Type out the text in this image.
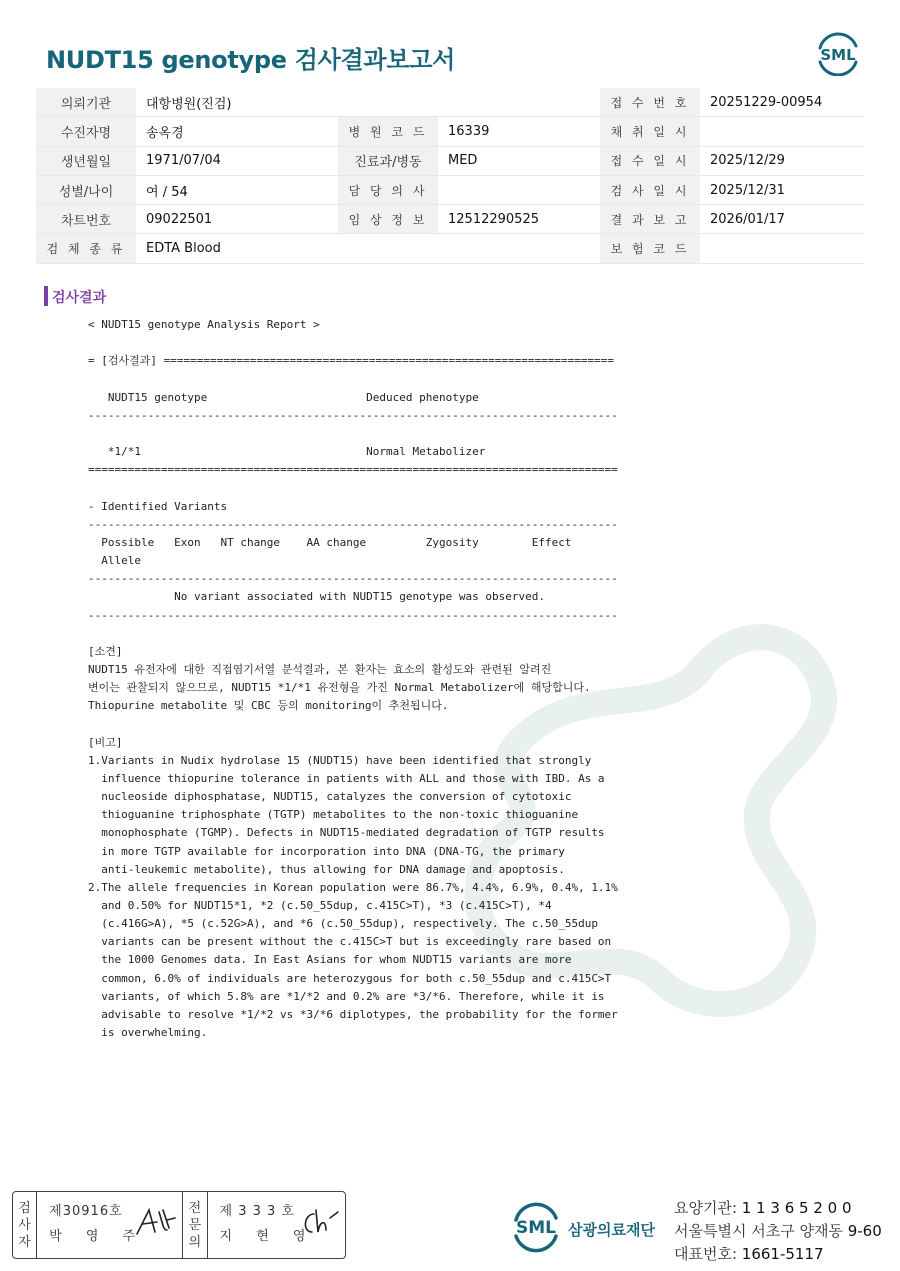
NUDT15 genotype 검사결과보고서	SML
의뢰기관	대항병원(진검)			접 수 번 호	20251229-00954
수진자명	송옥경	병 원 코 드	16339	채 취 일 시	
생년월일	1971/07/04	진료과/병동	MED	접 수 일 시	2025/12/29
성별/나이	여 / 54	담 당 의 사		검 사 일 시	2025/12/31
차트번호	09022501	임 상 정 보	12512290525	결 과 보 고	2026/01/17
검 체 종 류	EDTA Blood			보 험 코 드	
검사결과
< NUDT15 genotype Analysis Report >

= [검사결과] ====================================================================

NUDT15 genotype                        Deduced phenotype
--------------------------------------------------------------------------------

*1/*1                                  Normal Metabolizer
================================================================================

- Identified Variants
--------------------------------------------------------------------------------
Possible   Exon   NT change    AA change         Zygosity        Effect
Allele
--------------------------------------------------------------------------------
No variant associated with NUDT15 genotype was observed.
--------------------------------------------------------------------------------

[소견]
NUDT15 유전자에 대한 직접염기서열 분석결과, 본 환자는 효소의 활성도와 관련된 알려진
변이는 관찰되지 않으므로, NUDT15 *1/*1 유전형을 가진 Normal Metabolizer에 해당합니다.
Thiopurine metabolite 및 CBC 등의 monitoring이 추천됩니다.

[비고]
1.Variants in Nudix hydrolase 15 (NUDT15) have been identified that strongly
influence thiopurine tolerance in patients with ALL and those with IBD. As a
nucleoside diphosphatase, NUDT15, catalyzes the conversion of cytotoxic
thioguanine triphosphate (TGTP) metabolites to the non-toxic thioguanine
monophosphate (TGMP). Defects in NUDT15-mediated degradation of TGTP results
in more TGTP available for incorporation into DNA (DNA-TG, the primary
anti-leukemic metabolite), thus allowing for DNA damage and apoptosis.
2.The allele frequencies in Korean population were 86.7%, 4.4%, 6.9%, 0.4%, 1.1%
and 0.50% for NUDT15*1, *2 (c.50_55dup, c.415C>T), *3 (c.415C>T), *4
(c.416G>A), *5 (c.52G>A), and *6 (c.50_55dup), respectively. The c.50_55dup
variants can be present without the c.415C>T but is exceedingly rare based on
the 1000 Genomes data. In East Asians for whom NUDT15 variants are more
common, 6.0% of individuals are heterozygous for both c.50_55dup and c.415C>T
variants, of which 5.8% are *1/*2 and 0.2% are *3/*6. Therefore, while it is
advisable to resolve *1/*2 vs *3/*6 diplotypes, the probability for the former
is overwhelming.
검
사
자
제30916호
박 영 주
전
문
의
제 3 3 3 호
지 현 영	SML 삼광의료재단
요양기관: 1 1 3 6 5 2 0 0
서울특별시 서초구 양재동 9-60
대표번호: 1661-5117
